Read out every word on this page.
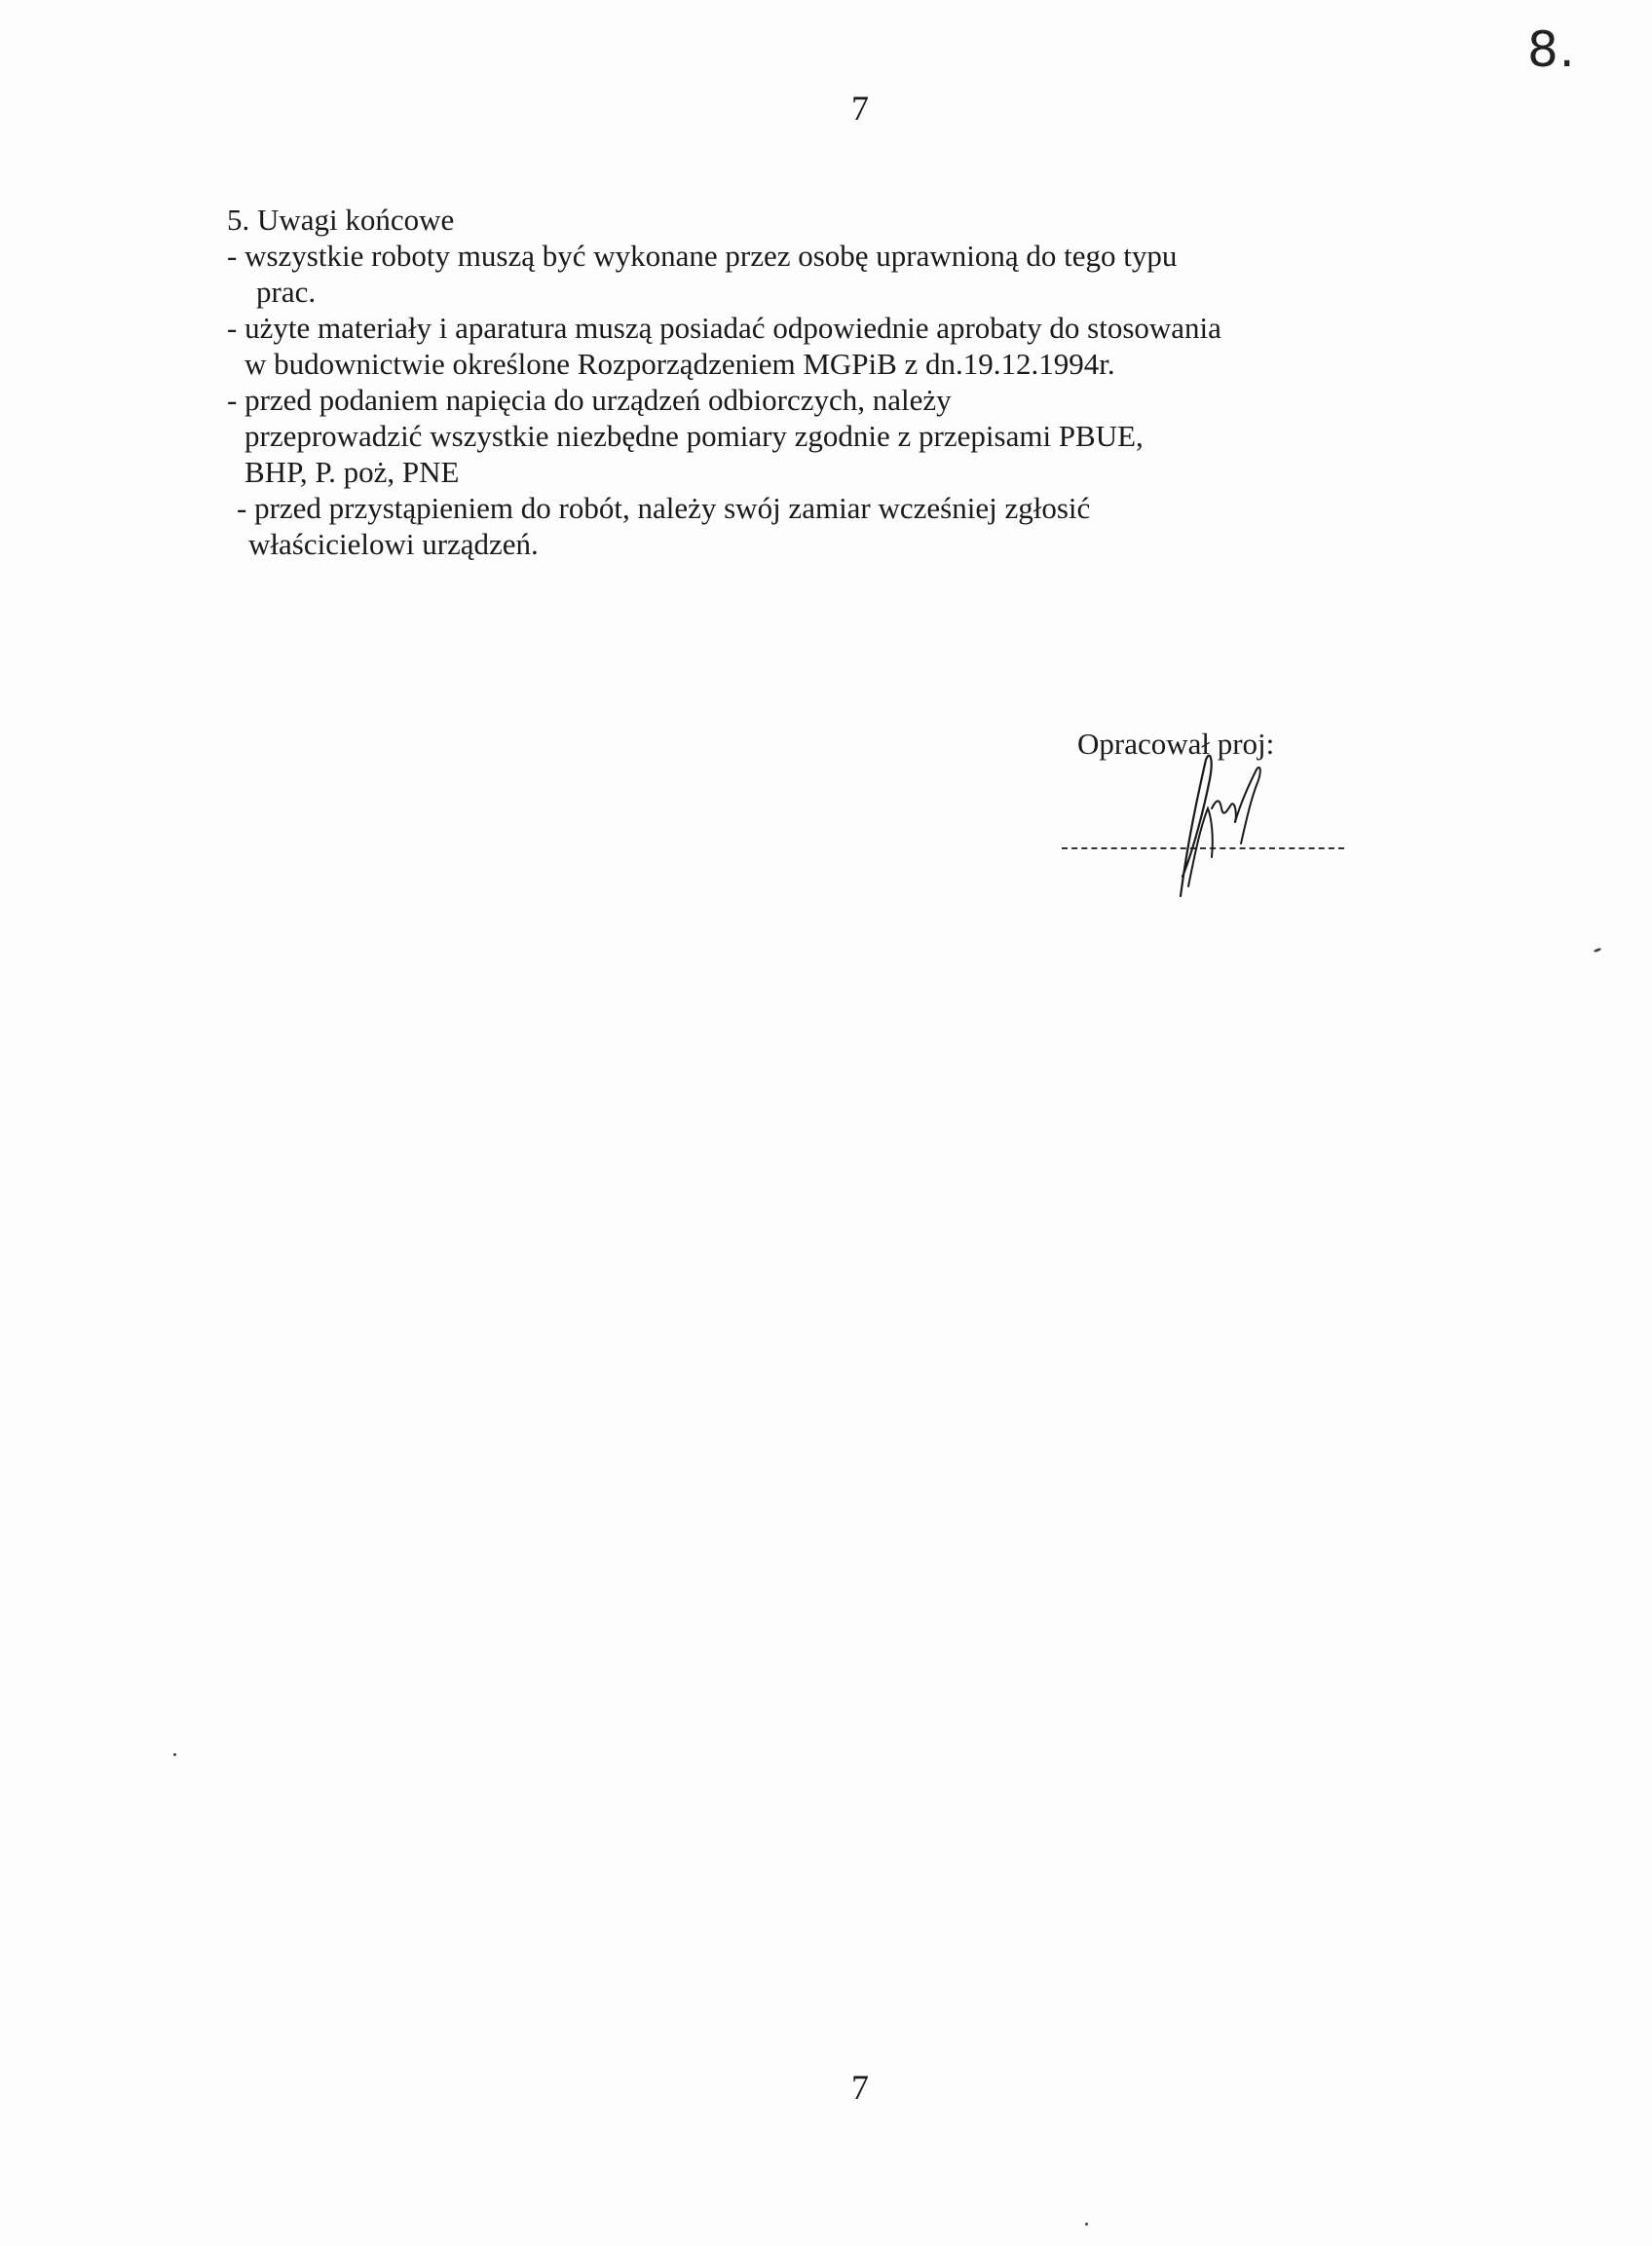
8.
7
5. Uwagi końcowe
- wszystkie roboty muszą być wykonane przez osobę uprawnioną do tego typu
prac.
- użyte materiały i aparatura muszą posiadać odpowiednie aprobaty do stosowania
w budownictwie określone Rozporządzeniem MGPiB z dn.19.12.1994r.
- przed podaniem napięcia do urządzeń odbiorczych, należy
przeprowadzić wszystkie niezbędne pomiary zgodnie z przepisami PBUE,
BHP, P. poż, PNE
- przed przystąpieniem do robót, należy swój zamiar wcześniej zgłosić
właścicielowi urządzeń.
Opracował proj:
7
